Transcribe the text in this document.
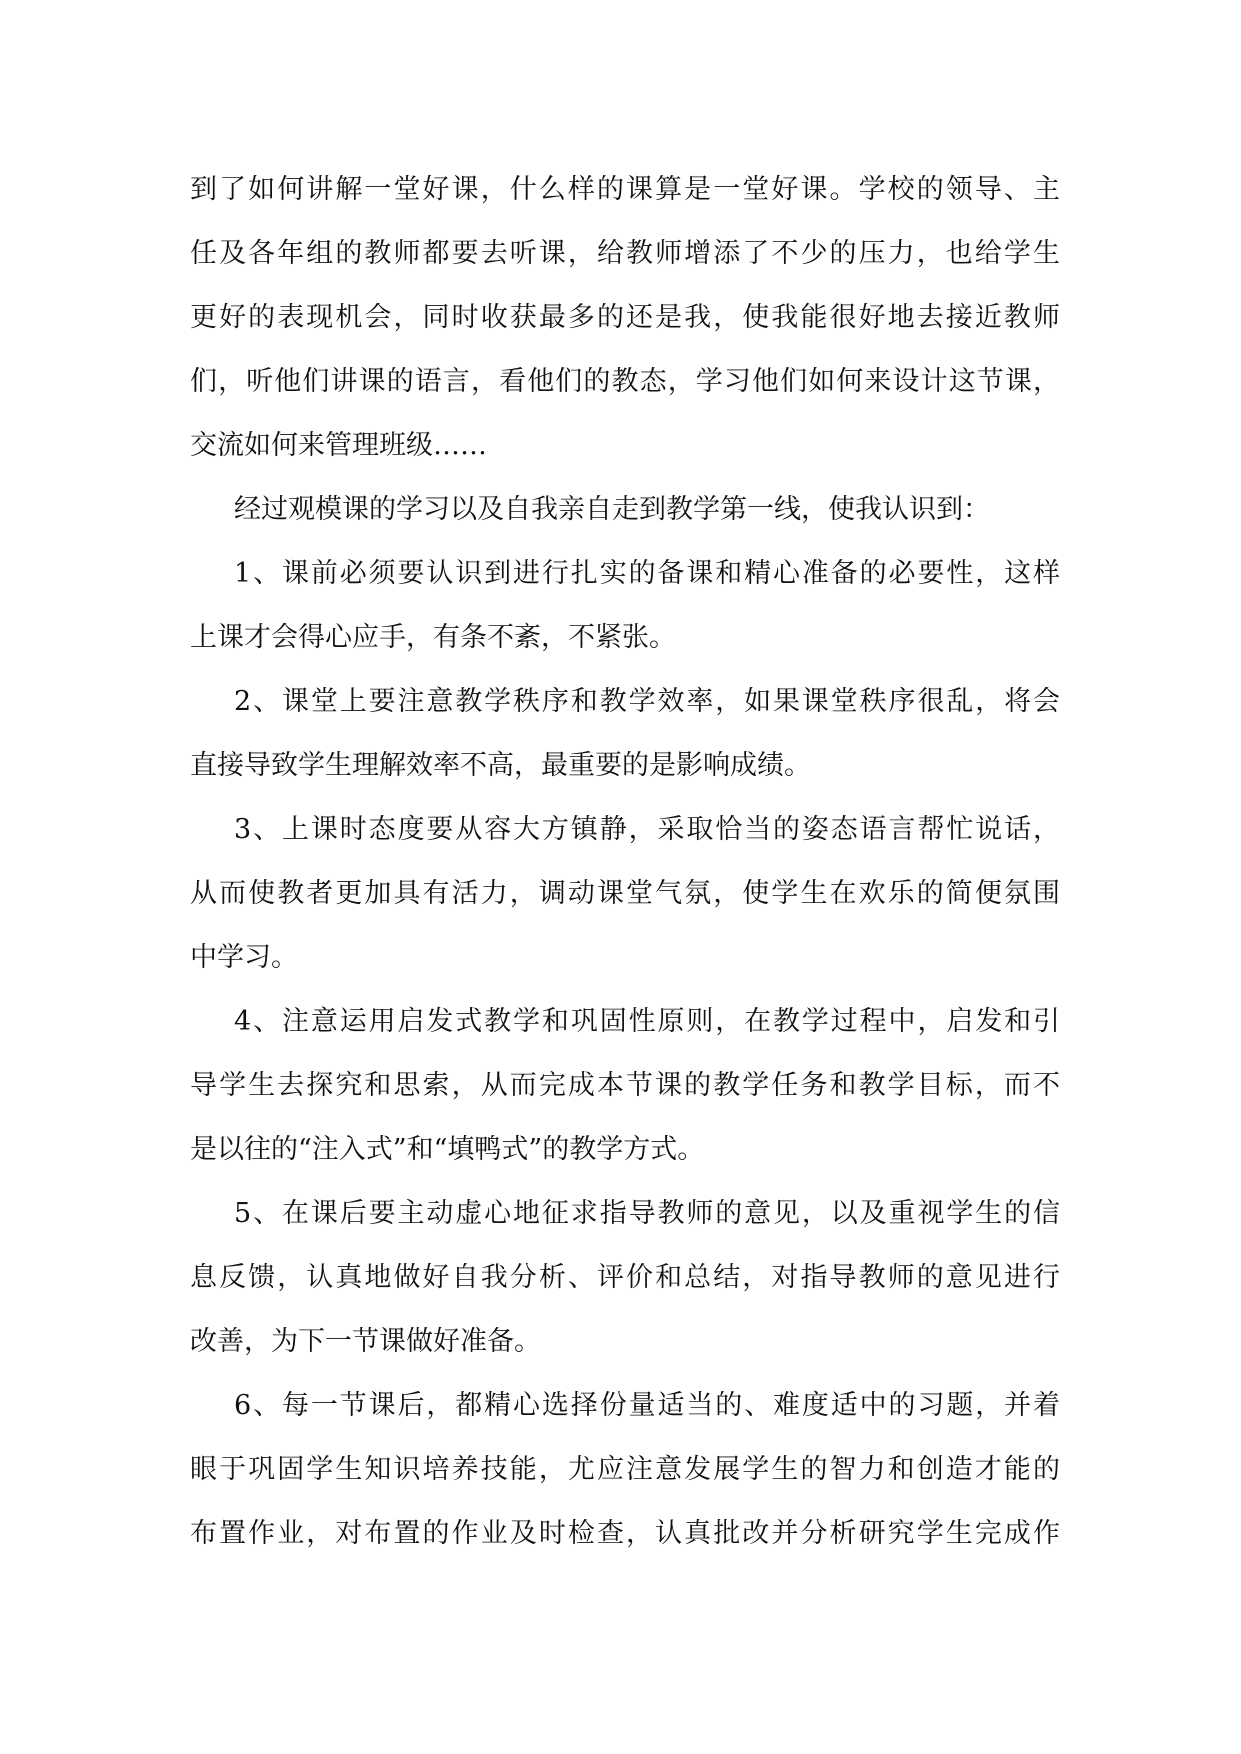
到了如何讲解一堂好课，什么样的课算是一堂好课。学校的领导、主
任及各年组的教师都要去听课，给教师增添了不少的压力，也给学生
更好的表现机会，同时收获最多的还是我，使我能很好地去接近教师
们，听他们讲课的语言，看他们的教态，学习他们如何来设计这节课，
交流如何来管理班级……
经过观模课的学习以及自我亲自走到教学第一线，使我认识到：
1、课前必须要认识到进行扎实的备课和精心准备的必要性，这样
上课才会得心应手，有条不紊，不紧张。
2、课堂上要注意教学秩序和教学效率，如果课堂秩序很乱，将会
直接导致学生理解效率不高，最重要的是影响成绩。
3、上课时态度要从容大方镇静，采取恰当的姿态语言帮忙说话，
从而使教者更加具有活力，调动课堂气氛，使学生在欢乐的简便氛围
中学习。
4、注意运用启发式教学和巩固性原则，在教学过程中，启发和引
导学生去探究和思索，从而完成本节课的教学任务和教学目标，而不
是以往的“注入式”和“填鸭式”的教学方式。
5、在课后要主动虚心地征求指导教师的意见，以及重视学生的信
息反馈，认真地做好自我分析、评价和总结，对指导教师的意见进行
改善，为下一节课做好准备。
6、每一节课后，都精心选择份量适当的、难度适中的习题，并着
眼于巩固学生知识培养技能，尤应注意发展学生的智力和创造才能的
布置作业，对布置的作业及时检查，认真批改并分析研究学生完成作
